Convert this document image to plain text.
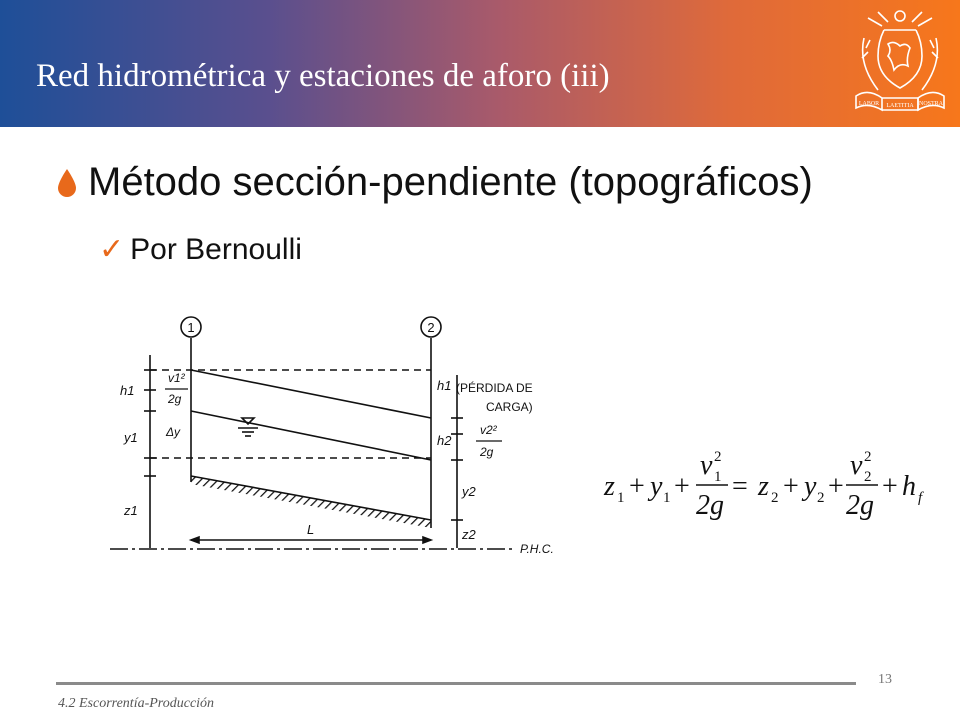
Red hidrométrica y estaciones de aforo (iii)
LABOR LAETITIA NOSTRA
Método sección-pendiente (topográficos)
✓ Por Bernoulli
1	2
h1
v1²
2g
Δy
y1
z1
h1 (PÉRDIDA DE
CARGA)
h2
v2²
2g
y2
z2
L
P.H.C.
z 1 + y 1 +
v 2
1
2g
= z 2 + y 2 +
v 2
2
2g
+ h f
13
4.2 Escorrentía-Producción
